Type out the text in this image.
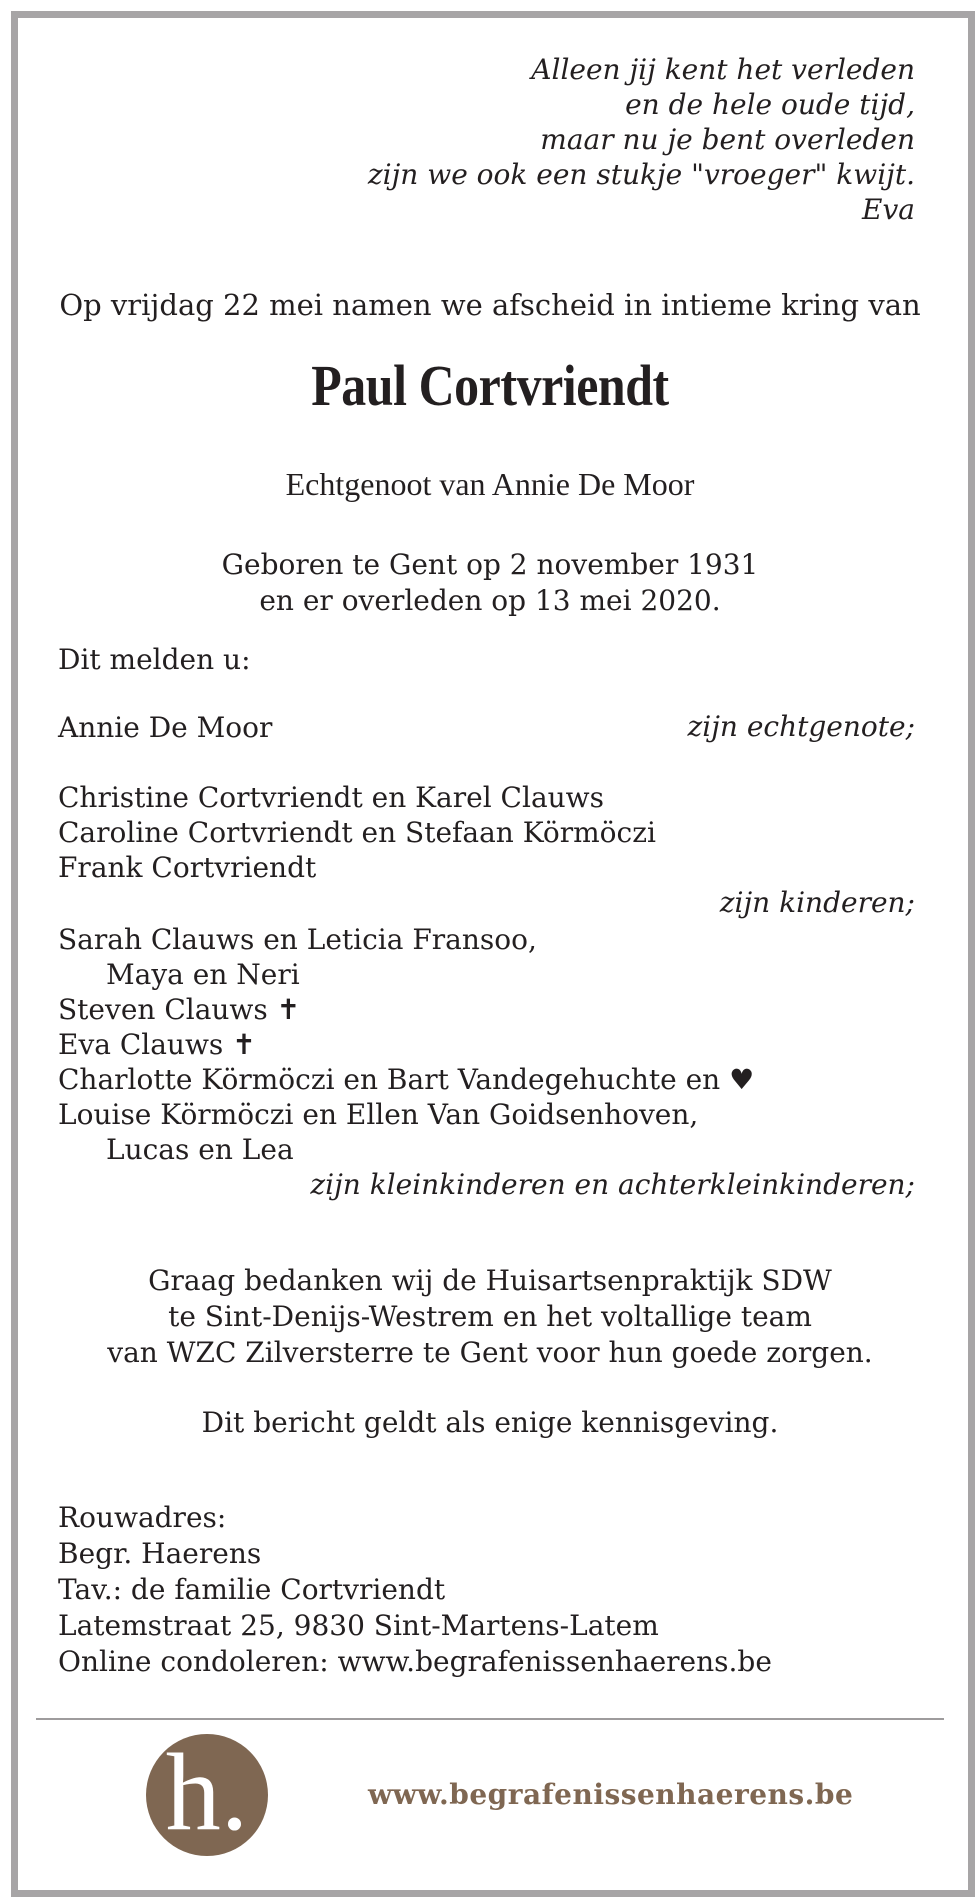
Alleen jij kent het verleden
en de hele oude tijd,
maar nu je bent overleden
zijn we ook een stukje "vroeger" kwijt.
Eva
Op vrijdag 22 mei namen we afscheid in intieme kring van
Paul Cortvriendt
Echtgenoot van Annie De Moor
Geboren te Gent op 2 november 1931
en er overleden op 13 mei 2020.
Dit melden u:
Annie De Moor	zijn echtgenote;
Christine Cortvriendt en Karel Clauws
Caroline Cortvriendt en Stefaan Körmöczi
Frank Cortvriendt
zijn kinderen;
Sarah Clauws en Leticia Fransoo,
Maya en Neri
Steven Clauws ✝
Eva Clauws ✝
Charlotte Körmöczi en Bart Vandegehuchte en ♥
Louise Körmöczi en Ellen Van Goidsenhoven,
Lucas en Lea
zijn kleinkinderen en achterkleinkinderen;
Graag bedanken wij de Huisartsenpraktijk SDW
te Sint-Denijs-Westrem en het voltallige team
van WZC Zilversterre te Gent voor hun goede zorgen.
Dit bericht geldt als enige kennisgeving.
Rouwadres:
Begr. Haerens
Tav.: de familie Cortvriendt
Latemstraat 25, 9830 Sint-Martens-Latem
Online condoleren: www.begrafenissenhaerens.be
h.	www.begrafenissenhaerens.be
